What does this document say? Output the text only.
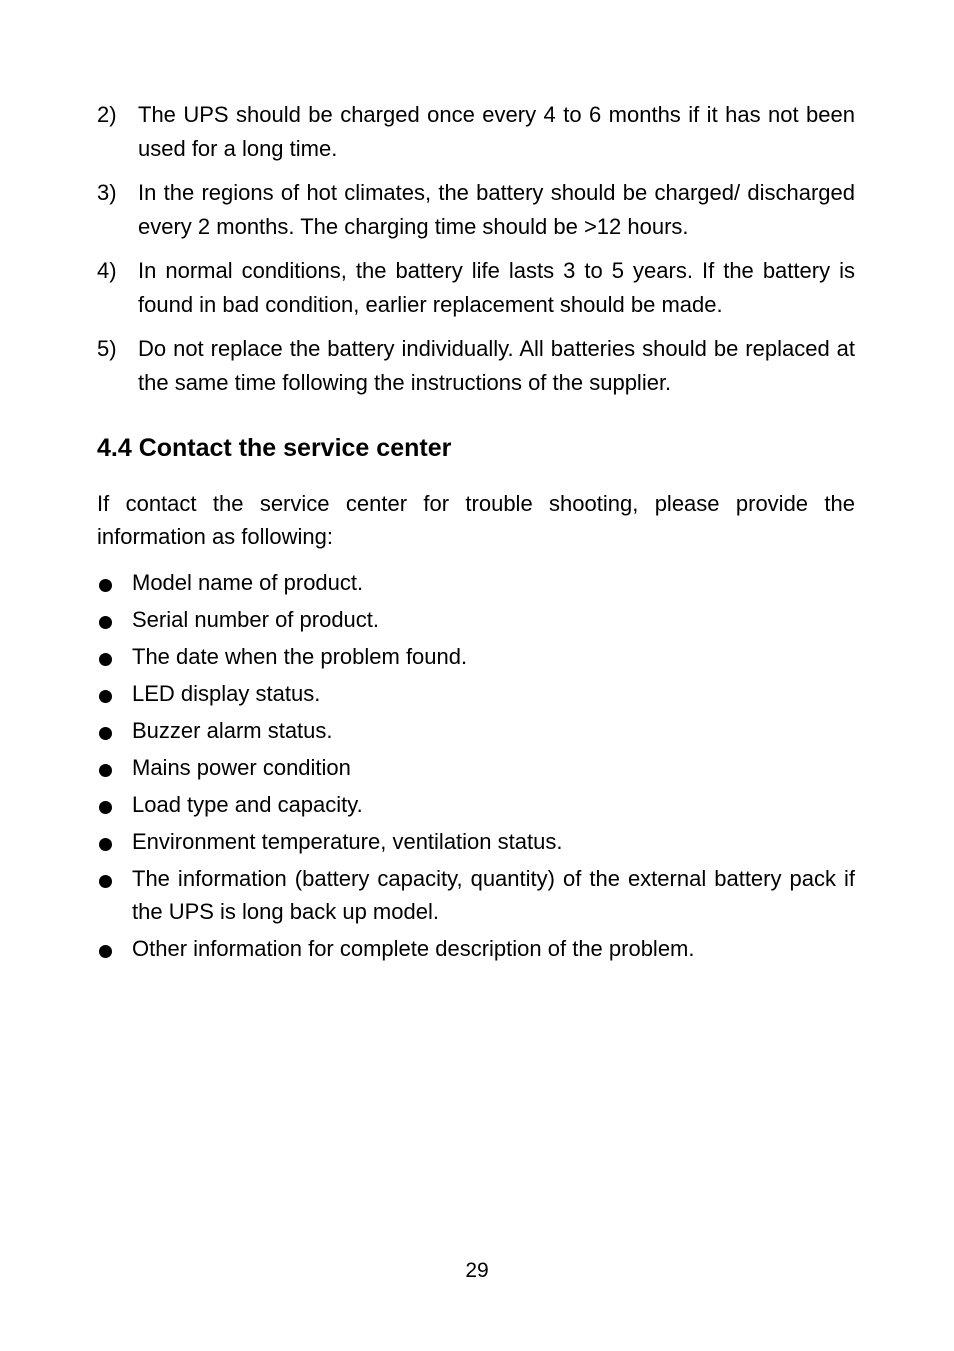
2) The UPS should be charged once every 4 to 6 months if it has not been used for a long time.
3) In the regions of hot climates, the battery should be charged/ discharged every 2 months. The charging time should be >12 hours.
4) In normal conditions, the battery life lasts 3 to 5 years. If the battery is found in bad condition, earlier replacement should be made.
5) Do not replace the battery individually. All batteries should be replaced at the same time following the instructions of the supplier.
4.4 Contact the service center

If contact the service center for trouble shooting, please provide the information as following:

Model name of product.
Serial number of product.
The date when the problem found.
LED display status.
Buzzer alarm status.
Mains power condition
Load type and capacity.
Environment temperature, ventilation status.
The information (battery capacity, quantity) of the external battery pack if the UPS is long back up model.
Other information for complete description of the problem.
29
